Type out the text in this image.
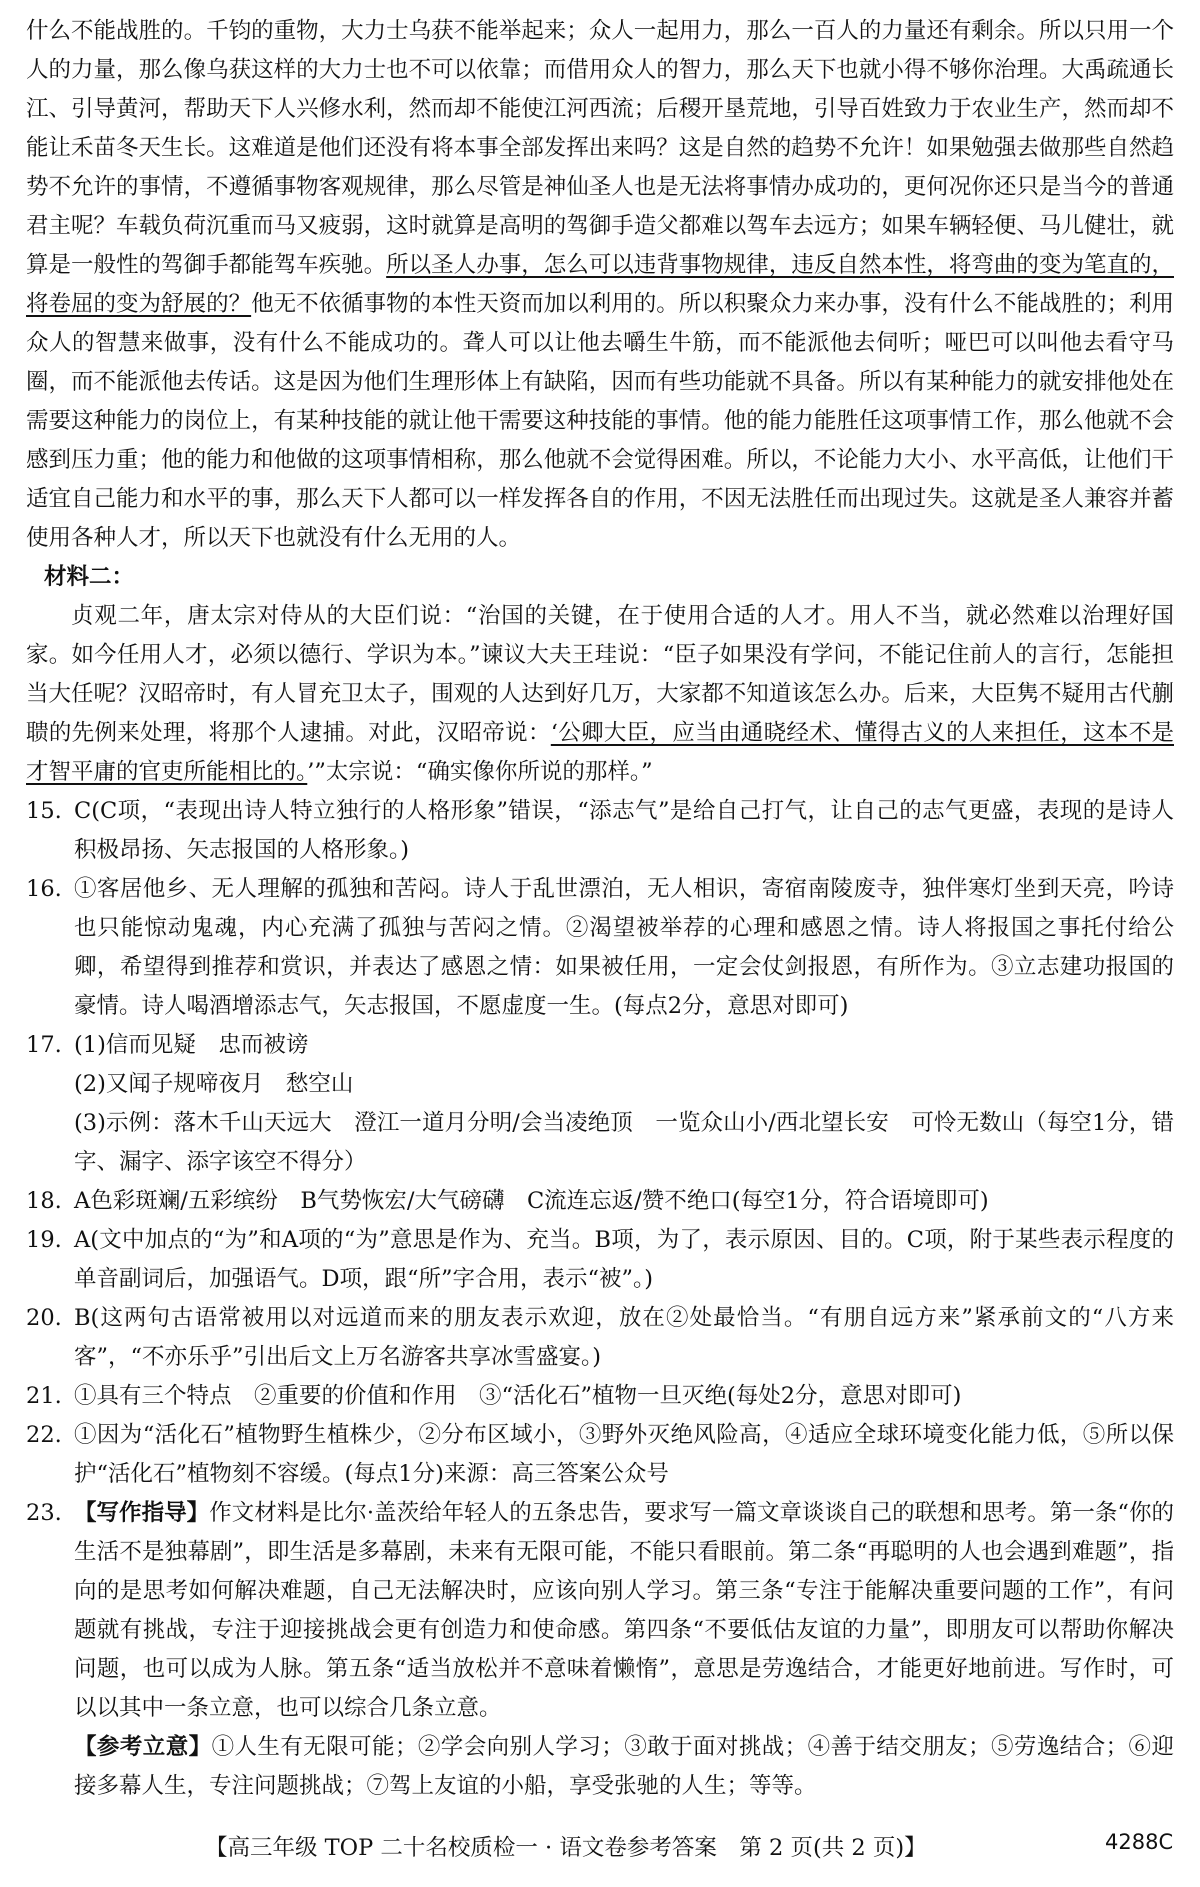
什么不能战胜的。千钧的重物，大力士乌获不能举起来；众人一起用力，那么一百人的力量还有剩余。所以只用一个人的力量，那么像乌获这样的大力士也不可以依靠；而借用众人的智力，那么天下也就小得不够你治理。大禹疏通长江、引导黄河，帮助天下人兴修水利，然而却不能使江河西流；后稷开垦荒地，引导百姓致力于农业生产，然而却不能让禾苗冬天生长。这难道是他们还没有将本事全部发挥出来吗？这是自然的趋势不允许！如果勉强去做那些自然趋势不允许的事情，不遵循事物客观规律，那么尽管是神仙圣人也是无法将事情办成功的，更何况你还只是当今的普通君主呢？车载负荷沉重而马又疲弱，这时就算是高明的驾御手造父都难以驾车去远方；如果车辆轻便、马儿健壮，就算是一般性的驾御手都能驾车疾驰。所以圣人办事，怎么可以违背事物规律，违反自然本性，将弯曲的变为笔直的，将卷屈的变为舒展的？他无不依循事物的本性天资而加以利用的。所以积聚众力来办事，没有什么不能战胜的；利用众人的智慧来做事，没有什么不能成功的。聋人可以让他去嚼生牛筋，而不能派他去伺听；哑巴可以叫他去看守马圈，而不能派他去传话。这是因为他们生理形体上有缺陷，因而有些功能就不具备。所以有某种能力的就安排他处在需要这种能力的岗位上，有某种技能的就让他干需要这种技能的事情。他的能力能胜任这项事情工作，那么他就不会感到压力重；他的能力和他做的这项事情相称，那么他就不会觉得困难。所以，不论能力大小、水平高低，让他们干适宜自己能力和水平的事，那么天下人都可以一样发挥各自的作用，不因无法胜任而出现过失。这就是圣人兼容并蓄使用各种人才，所以天下也就没有什么无用的人。

材料二：

贞观二年，唐太宗对侍从的大臣们说：“治国的关键，在于使用合适的人才。用人不当，就必然难以治理好国家。如今任用人才，必须以德行、学识为本。”谏议大夫王珪说：“臣子如果没有学问，不能记住前人的言行，怎能担当大任呢？汉昭帝时，有人冒充卫太子，围观的人达到好几万，大家都不知道该怎么办。后来，大臣隽不疑用古代蒯聩的先例来处理，将那个人逮捕。对此，汉昭帝说：‘公卿大臣，应当由通晓经术、懂得古义的人来担任，这本不是才智平庸的官吏所能相比的。’”太宗说：“确实像你所说的那样。”

15. C(C项，“表现出诗人特立独行的人格形象”错误，“添志气”是给自己打气，让自己的志气更盛，表现的是诗人积极昂扬、矢志报国的人格形象。)

16. ①客居他乡、无人理解的孤独和苦闷。诗人于乱世漂泊，无人相识，寄宿南陵废寺，独伴寒灯坐到天亮，吟诗也只能惊动鬼魂，内心充满了孤独与苦闷之情。②渴望被举荐的心理和感恩之情。诗人将报国之事托付给公卿，希望得到推荐和赏识，并表达了感恩之情：如果被任用，一定会仗剑报恩，有所作为。③立志建功报国的豪情。诗人喝酒增添志气，矢志报国，不愿虚度一生。(每点2分，意思对即可)

17. (1)信而见疑　忠而被谤

(2)又闻子规啼夜月　愁空山

(3)示例：落木千山天远大　澄江一道月分明/会当凌绝顶　一览众山小/西北望长安　可怜无数山（每空1分，错字、漏字、添字该空不得分）

18. A色彩斑斓/五彩缤纷　B气势恢宏/大气磅礴　C流连忘返/赞不绝口(每空1分，符合语境即可)

19. A(文中加点的“为”和A项的“为”意思是作为、充当。B项，为了，表示原因、目的。C项，附于某些表示程度的单音副词后，加强语气。D项，跟“所”字合用，表示“被”。)

20. B(这两句古语常被用以对远道而来的朋友表示欢迎，放在②处最恰当。“有朋自远方来”紧承前文的“八方来客”，“不亦乐乎”引出后文上万名游客共享冰雪盛宴。)

21. ①具有三个特点　②重要的价值和作用　③“活化石”植物一旦灭绝(每处2分，意思对即可)

22. ①因为“活化石”植物野生植株少，②分布区域小，③野外灭绝风险高，④适应全球环境变化能力低，⑤所以保护“活化石”植物刻不容缓。(每点1分)来源：高三答案公众号

23. 【写作指导】作文材料是比尔·盖茨给年轻人的五条忠告，要求写一篇文章谈谈自己的联想和思考。第一条“你的生活不是独幕剧”，即生活是多幕剧，未来有无限可能，不能只看眼前。第二条“再聪明的人也会遇到难题”，指向的是思考如何解决难题，自己无法解决时，应该向别人学习。第三条“专注于能解决重要问题的工作”，有问题就有挑战，专注于迎接挑战会更有创造力和使命感。第四条“不要低估友谊的力量”，即朋友可以帮助你解决问题，也可以成为人脉。第五条“适当放松并不意味着懒惰”，意思是劳逸结合，才能更好地前进。写作时，可以以其中一条立意，也可以综合几条立意。

【参考立意】①人生有无限可能；②学会向别人学习；③敢于面对挑战；④善于结交朋友；⑤劳逸结合；⑥迎接多幕人生，专注问题挑战；⑦驾上友谊的小船，享受张驰的人生；等等。

【高三年级 TOP 二十名校质检一 · 语文卷参考答案　第 2 页(共 2 页)】	4288C
